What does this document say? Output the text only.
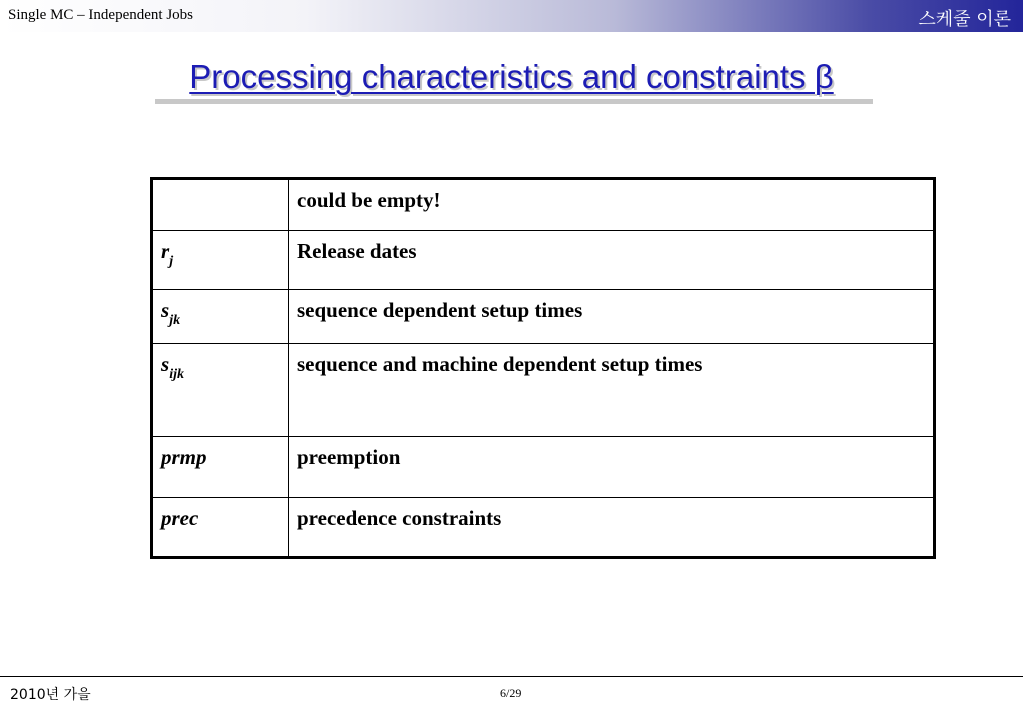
Single MC – Independent Jobs	스케줄 이론
Processing characteristics and constraints β
	could be empty!
$r_j$	Release dates
$s_{jk}$	sequence dependent setup times
$s_{ijk}$	sequence and machine dependent setup times
prmp	preemption
prec	precedence constraints
2010년 가을	6/29
